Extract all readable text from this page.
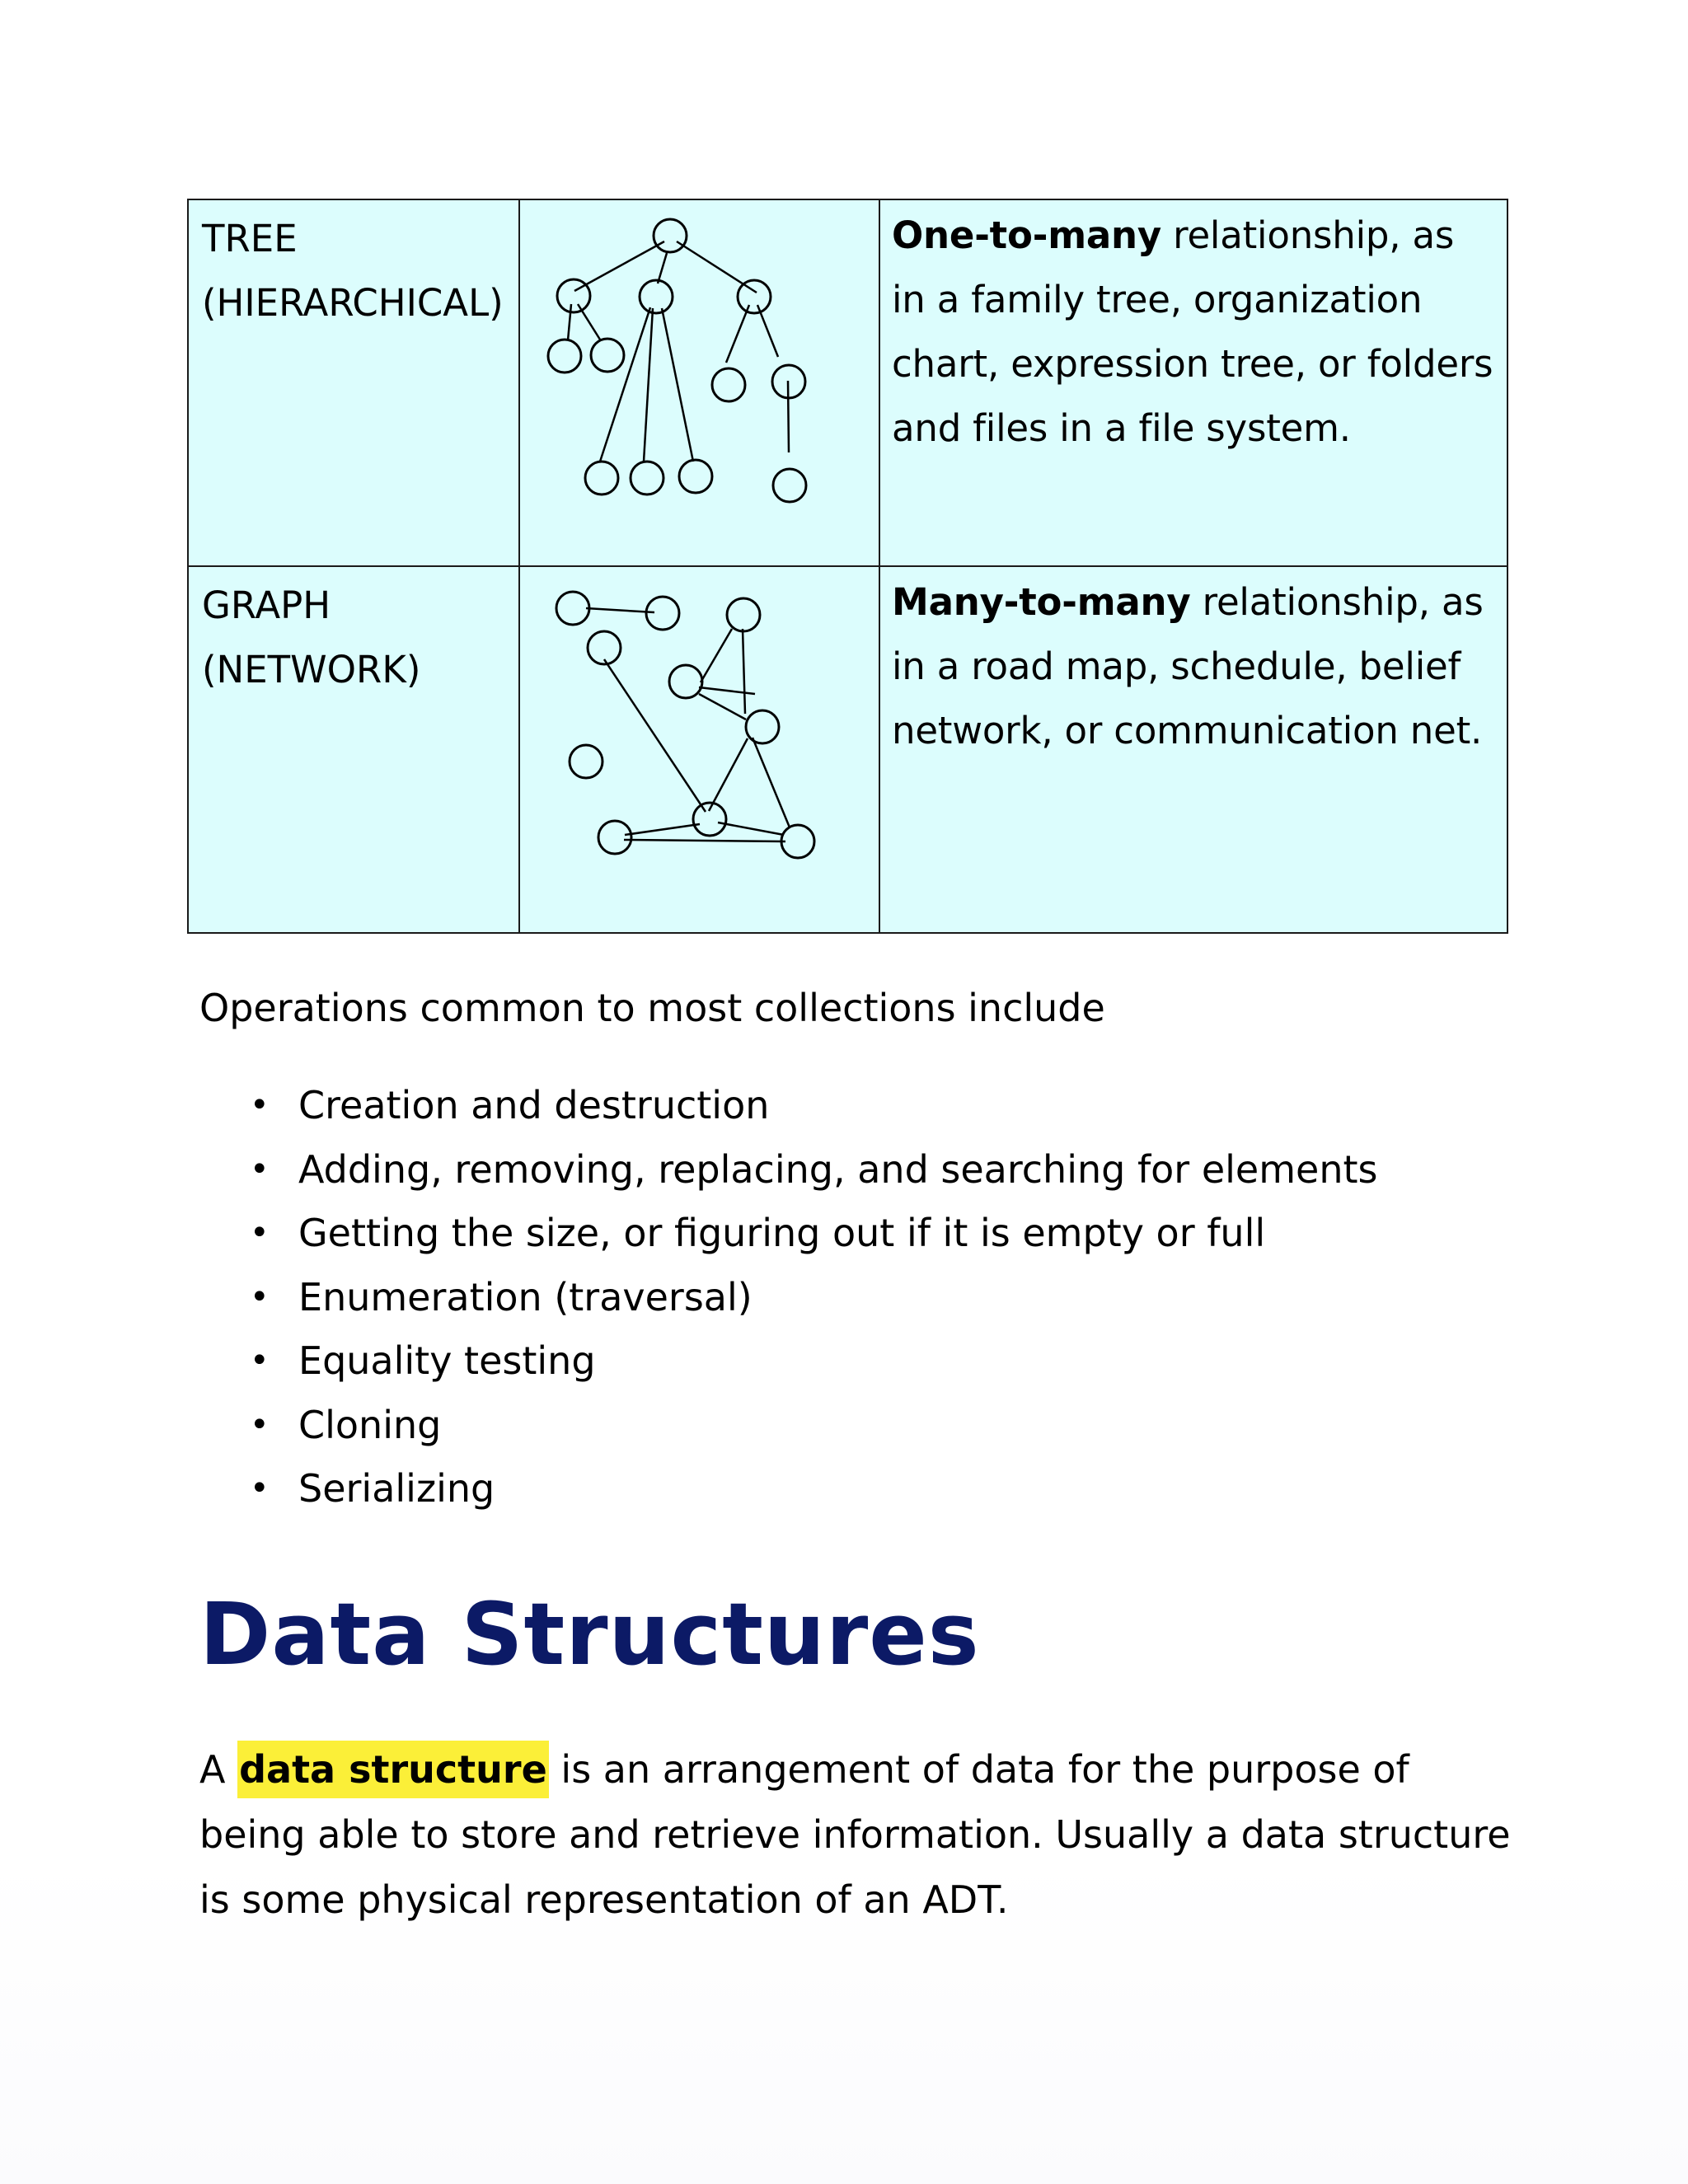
TREE
(HIERARCHICAL)		One-to-many relationship, as in a family tree, organization chart, expression tree, or folders and files in a file system.

GRAPH
(NETWORK)		Many-to-many relationship, as in a road map, schedule, belief network, or communication net.

Operations common to most collections include

• Creation and destruction
• Adding, removing, replacing, and searching for elements
• Getting the size, or figuring out if it is empty or full
• Enumeration (traversal)
• Equality testing
• Cloning
• Serializing
Data Structures

A data structure is an arrangement of data for the purpose of being able to store and retrieve information. Usually a data structure is some physical representation of an ADT.
